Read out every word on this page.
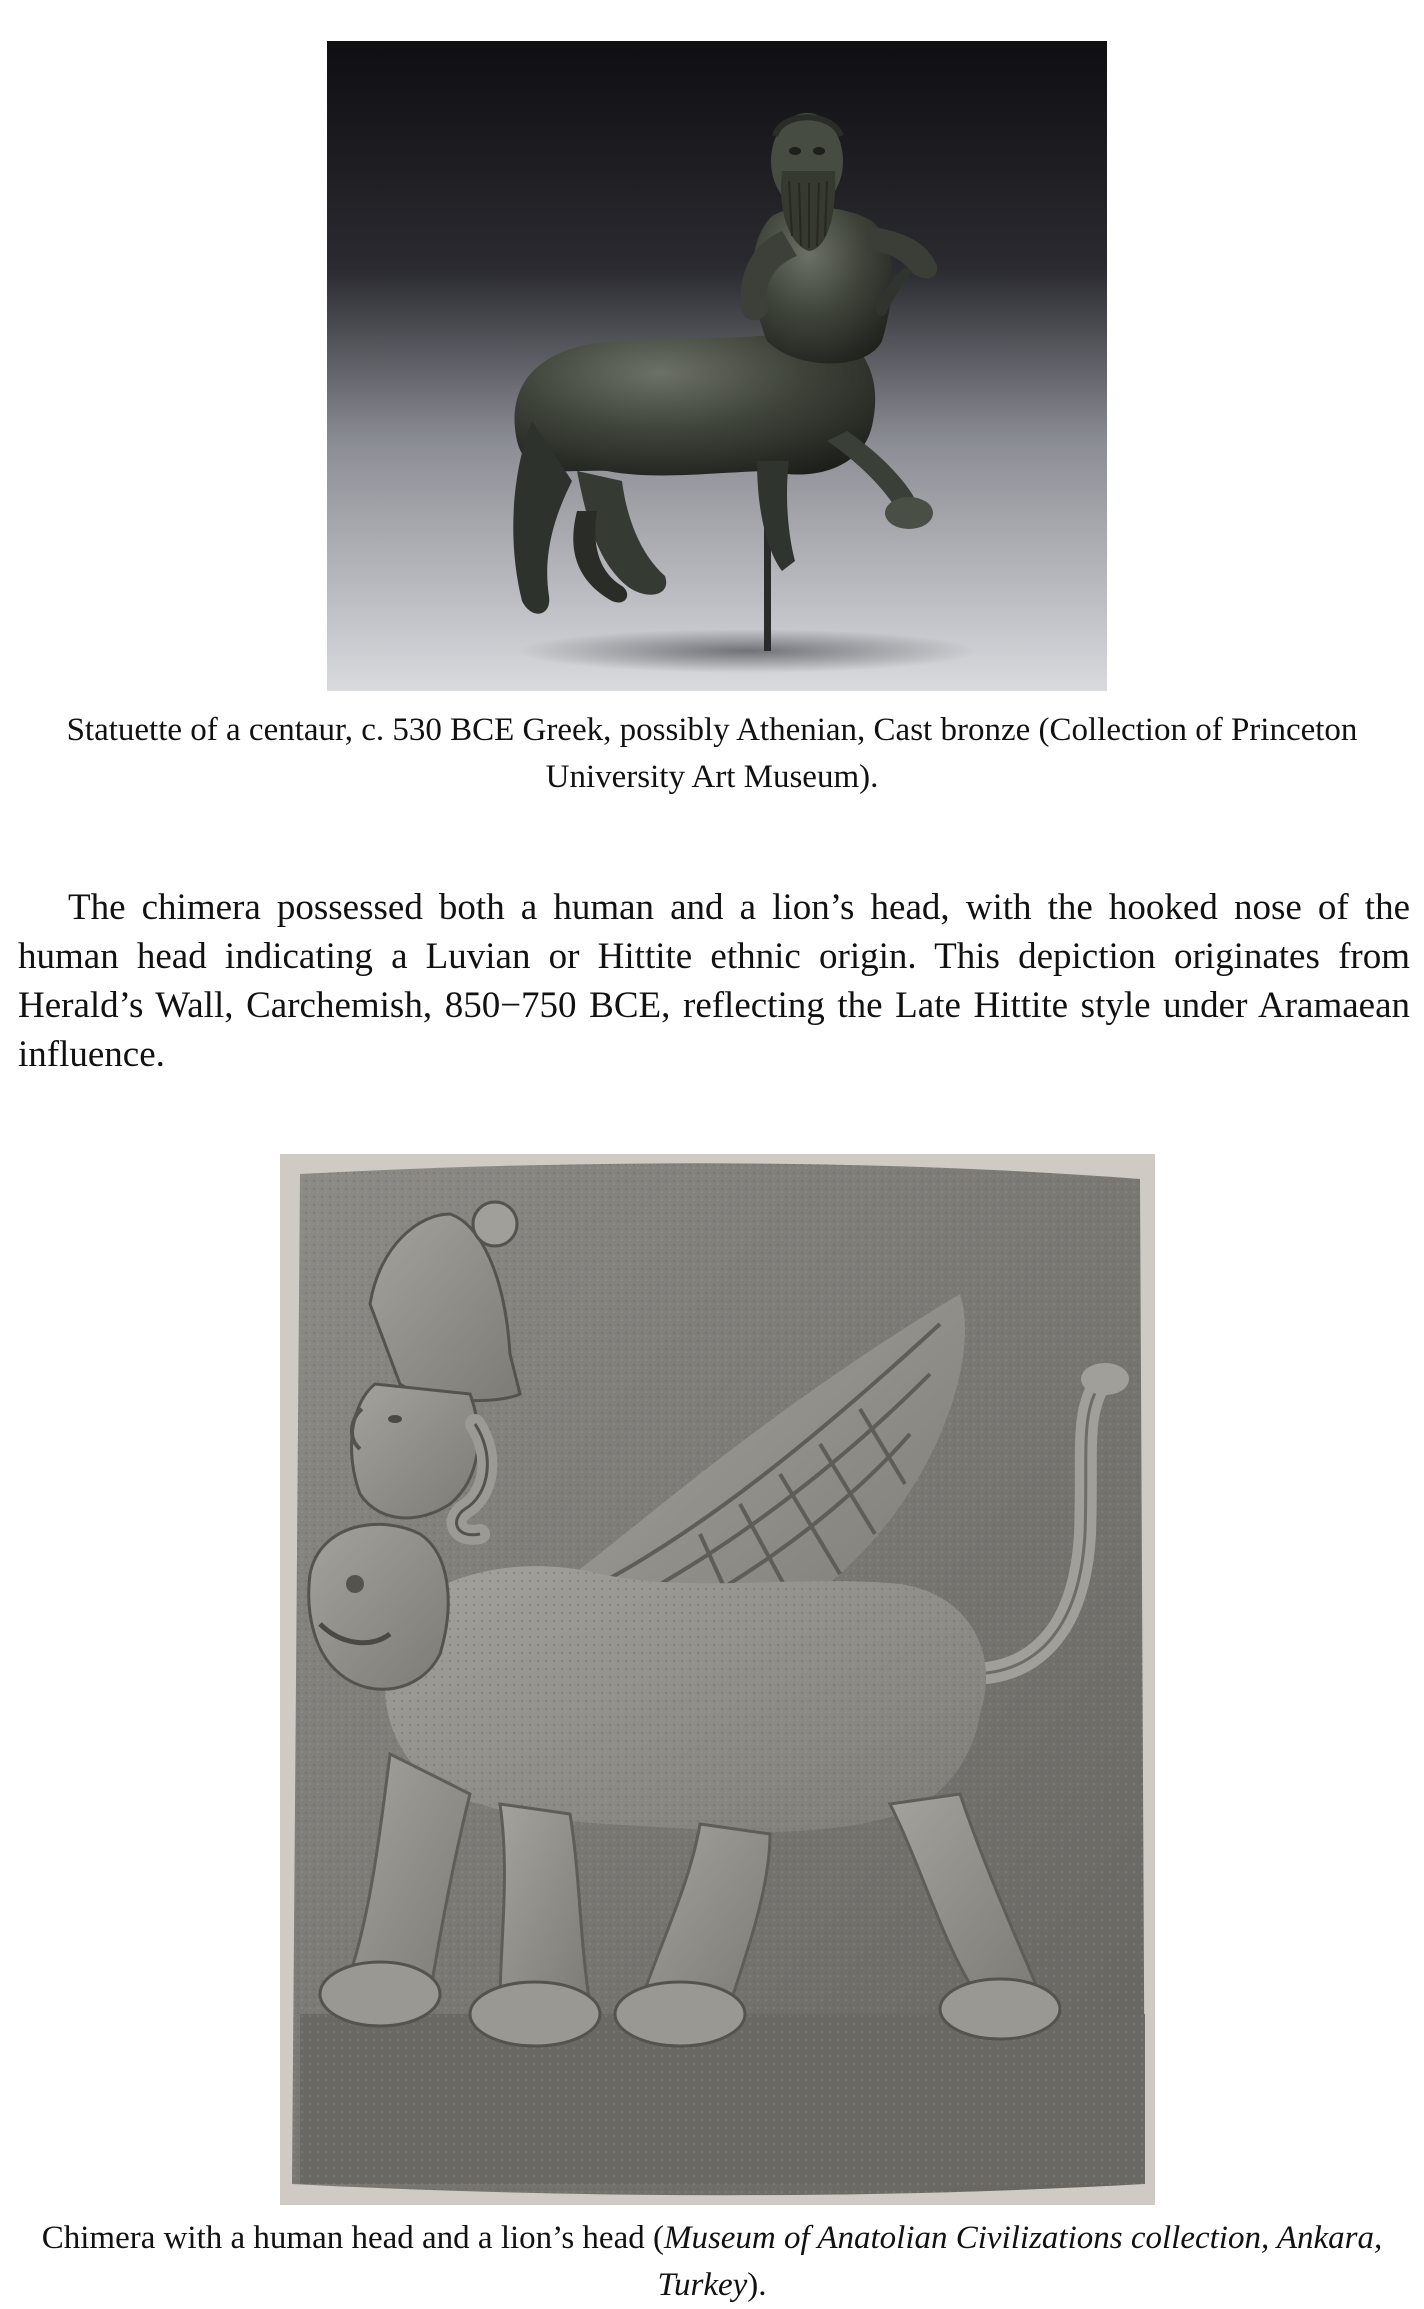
Statuette of a centaur, c. 530 BCE Greek, possibly Athenian, Cast bronze (Collection of Princeton University Art Museum).
The chimera possessed both a human and a lion’s head, with the hooked nose of the human head indicating a Luvian or Hittite ethnic origin. This depiction originates from Herald’s Wall, Carchemish, 850−750 BCE, reflecting the Late Hittite style under Aramaean influence.
Chimera with a human head and a lion’s head (Museum of Anatolian Civilizations collection, Ankara, Turkey).
